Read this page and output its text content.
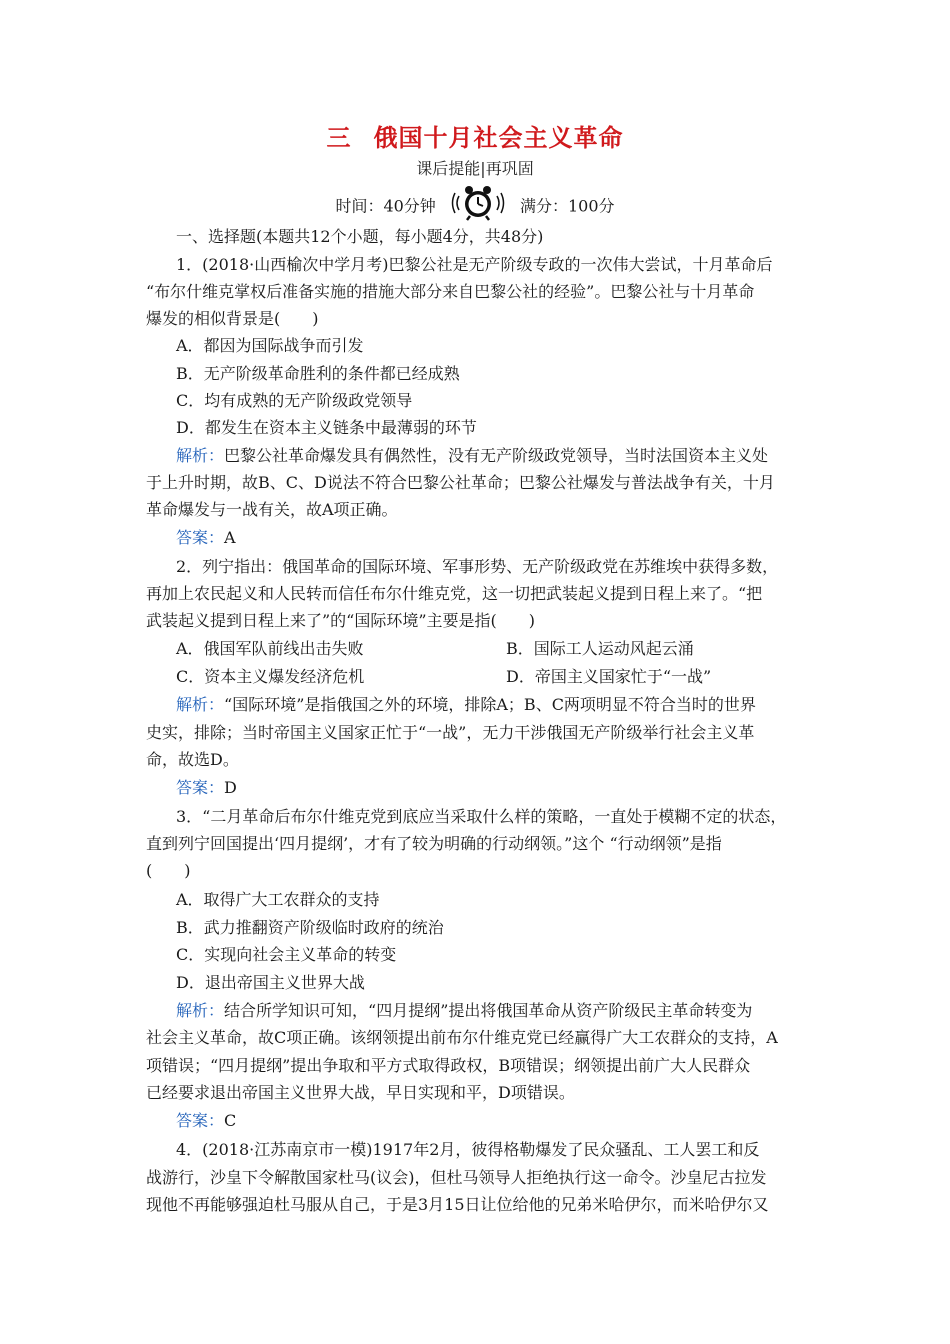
三 俄国十月社会主义革命
课后提能|再巩固
时间：40分钟	满分：100分
一、选择题(本题共12个小题，每小题4分，共48分)
1．(2018·山西榆次中学月考)巴黎公社是无产阶级专政的一次伟大尝试，十月革命后
“布尔什维克掌权后准备实施的措施大部分来自巴黎公社的经验”。巴黎公社与十月革命
爆发的相似背景是(　　)
A．都因为国际战争而引发
B．无产阶级革命胜利的条件都已经成熟
C．均有成熟的无产阶级政党领导
D．都发生在资本主义链条中最薄弱的环节
解析：巴黎公社革命爆发具有偶然性，没有无产阶级政党领导，当时法国资本主义处
于上升时期，故B、C、D说法不符合巴黎公社革命；巴黎公社爆发与普法战争有关，十月
革命爆发与一战有关，故A项正确。
答案：A
2．列宁指出：俄国革命的国际环境、军事形势、无产阶级政党在苏维埃中获得多数，
再加上农民起义和人民转而信任布尔什维克党，这一切把武装起义提到日程上来了。“把
武装起义提到日程上来了”的“国际环境”主要是指(　　)
A．俄国军队前线出击失败	B．国际工人运动风起云涌
C．资本主义爆发经济危机	D．帝国主义国家忙于“一战”
解析：“国际环境”是指俄国之外的环境，排除A；B、C两项明显不符合当时的世界
史实，排除；当时帝国主义国家正忙于“一战”，无力干涉俄国无产阶级举行社会主义革
命，故选D。
答案：D
3．“二月革命后布尔什维克党到底应当采取什么样的策略，一直处于模糊不定的状态，
直到列宁回国提出‘四月提纲’，才有了较为明确的行动纲领。”这个 “行动纲领”是指
(　　)
A．取得广大工农群众的支持
B．武力推翻资产阶级临时政府的统治
C．实现向社会主义革命的转变
D．退出帝国主义世界大战
解析：结合所学知识可知，“四月提纲”提出将俄国革命从资产阶级民主革命转变为
社会主义革命，故C项正确。该纲领提出前布尔什维克党已经赢得广大工农群众的支持，A
项错误；“四月提纲”提出争取和平方式取得政权，B项错误；纲领提出前广大人民群众
已经要求退出帝国主义世界大战，早日实现和平，D项错误。
答案：C
4．(2018·江苏南京市一模)1917年2月，彼得格勒爆发了民众骚乱、工人罢工和反
战游行，沙皇下令解散国家杜马(议会)，但杜马领导人拒绝执行这一命令。沙皇尼古拉发
现他不再能够强迫杜马服从自己，于是3月15日让位给他的兄弟米哈伊尔，而米哈伊尔又
